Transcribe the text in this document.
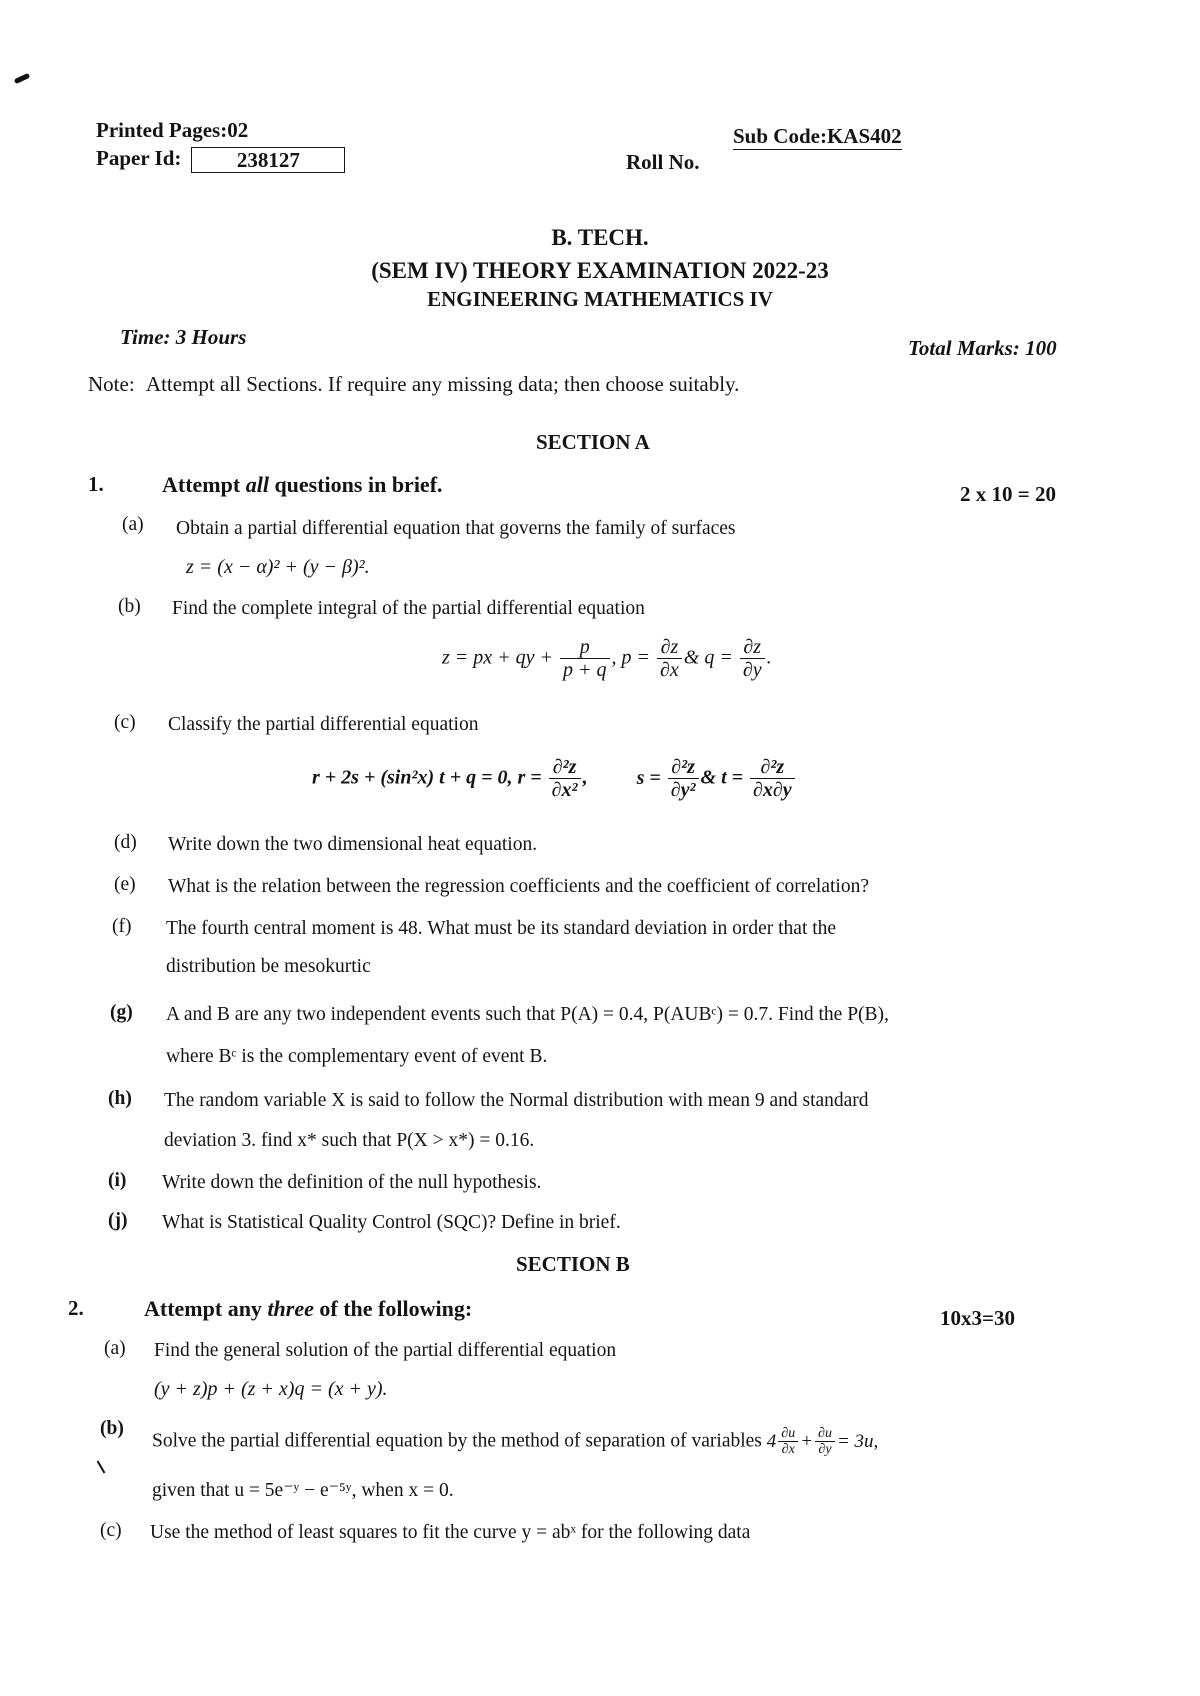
Printed Pages:02
Paper Id:	238127
Sub Code:KAS402
Roll No.
B. TECH.
(SEM IV) THEORY EXAMINATION 2022-23
ENGINEERING MATHEMATICS IV
Time: 3 Hours	Total Marks: 100
Note: Attempt all Sections. If require any missing data; then choose suitably.
SECTION A
1.	Attempt all questions in brief.	2 x 10 = 20
(a) Obtain a partial differential equation that governs the family of surfaces
z = (x − α)² + (y − β)².
(b) Find the complete integral of the partial differential equation
z = px + qy + $\frac{p}{p + q}$ , $p = \frac{\partial z}{\partial x}$ & $q = \frac{\partial z}{\partial y}$ .
(c) Classify the partial differential equation
r + 2s + (sin²x) t + q = 0, $r = \frac{\text{∂²z}}{\text{∂x²}}$ , $s = \frac{\text{∂²z}}{\text{∂y²}}$ & $t = \frac{\text{∂²z}}{\partial x\partial y}$
(d) Write down the two dimensional heat equation.
(e) What is the relation between the regression coefficients and the coefficient of correlation?
(f) The fourth central moment is 48. What must be its standard deviation in order that the
distribution be mesokurtic
(g) A and B are any two independent events such that P(A) = 0.4, P(AUBᶜ) = 0.7. Find the P(B),
where Bᶜ is the complementary event of event B.
(h) The random variable X is said to follow the Normal distribution with mean 9 and standard
deviation 3. find x* such that P(X > x*) = 0.16.
(i) Write down the definition of the null hypothesis.
(j) What is Statistical Quality Control (SQC)? Define in brief.
SECTION B
2.	Attempt any three of the following:	10x3=30
(a) Find the general solution of the partial differential equation
(y + z)p + (z + x)q = (x + y).
(b)
Solve the partial differential equation by the method of separation of variables $4 \frac{\partial u}{\partial x} + \frac{\partial u}{\partial y} = 3u$,
given that u = 5e⁻ʸ − e⁻⁵ʸ, when x = 0.
(c) Use the method of least squares to fit the curve y = abˣ for the following data
